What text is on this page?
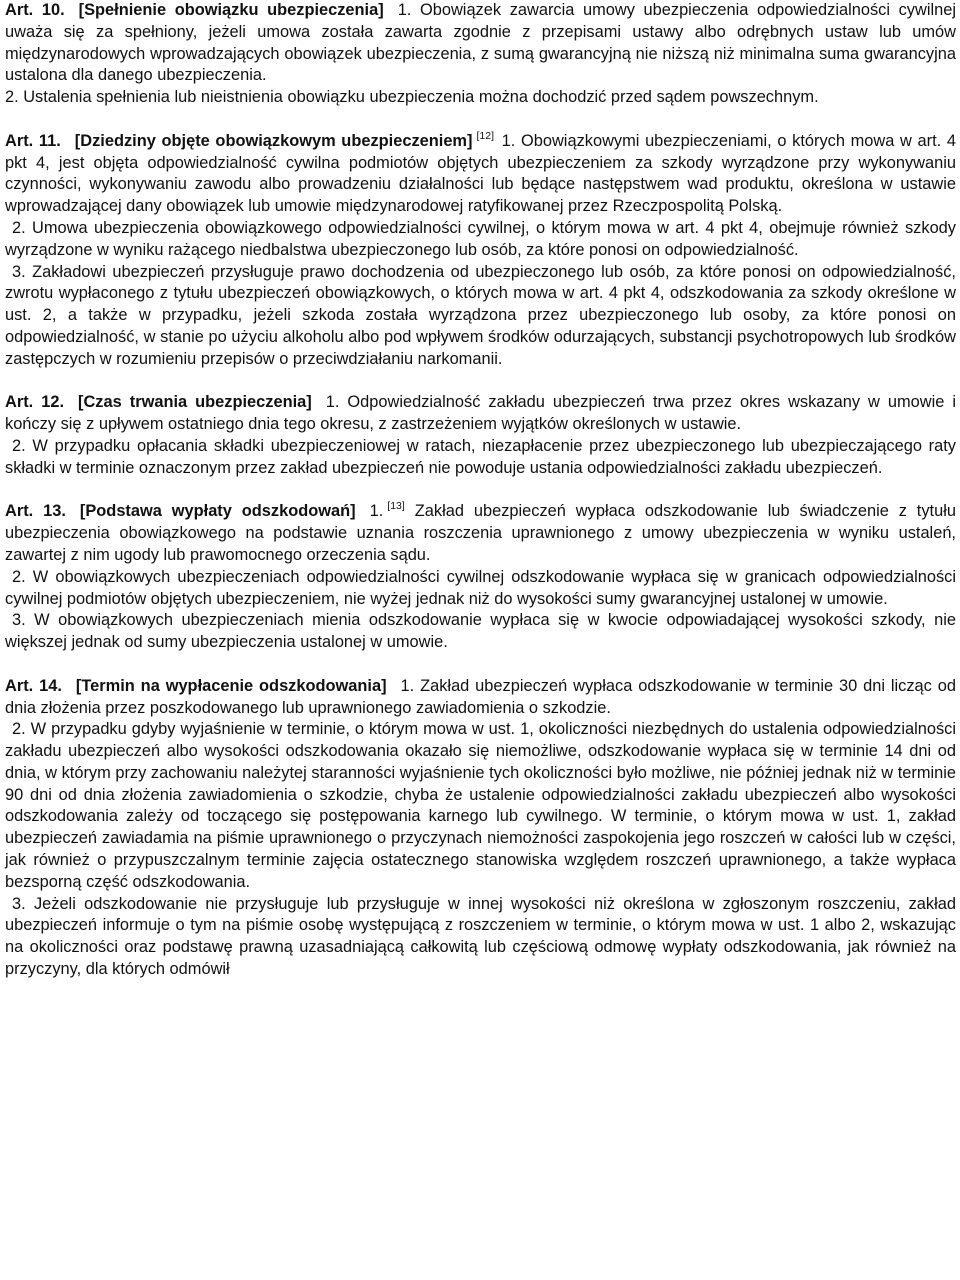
Art. 10. [Spełnienie obowiązku ubezpieczenia] 1. Obowiązek zawarcia umowy ubezpieczenia odpowiedzialności cywilnej uważa się za spełniony, jeżeli umowa została zawarta zgodnie z przepisami ustawy albo odrębnych ustaw lub umów międzynarodowych wprowadzających obowiązek ubezpieczenia, z sumą gwarancyjną nie niższą niż minimalna suma gwarancyjna ustalona dla danego ubezpieczenia.

2. Ustalenia spełnienia lub nieistnienia obowiązku ubezpieczenia można dochodzić przed sądem powszechnym.

Art. 11. [Dziedziny objęte obowiązkowym ubezpieczeniem] [12] 1. Obowiązkowymi ubezpieczeniami, o których mowa w art. 4 pkt 4, jest objęta odpowiedzialność cywilna podmiotów objętych ubezpieczeniem za szkody wyrządzone przy wykonywaniu czynności, wykonywaniu zawodu albo prowadzeniu działalności lub będące następstwem wad produktu, określona w ustawie wprowadzającej dany obowiązek lub umowie międzynarodowej ratyfikowanej przez Rzeczpospolitą Polską.

2. Umowa ubezpieczenia obowiązkowego odpowiedzialności cywilnej, o którym mowa w art. 4 pkt 4, obejmuje również szkody wyrządzone w wyniku rażącego niedbalstwa ubezpieczonego lub osób, za które ponosi on odpowiedzialność.

3. Zakładowi ubezpieczeń przysługuje prawo dochodzenia od ubezpieczonego lub osób, za które ponosi on odpowiedzialność, zwrotu wypłaconego z tytułu ubezpieczeń obowiązkowych, o których mowa w art. 4 pkt 4, odszkodowania za szkody określone w ust. 2, a także w przypadku, jeżeli szkoda została wyrządzona przez ubezpieczonego lub osoby, za które ponosi on odpowiedzialność, w stanie po użyciu alkoholu albo pod wpływem środków odurzających, substancji psychotropowych lub środków zastępczych w rozumieniu przepisów o przeciwdziałaniu narkomanii.

Art. 12. [Czas trwania ubezpieczenia] 1. Odpowiedzialność zakładu ubezpieczeń trwa przez okres wskazany w umowie i kończy się z upływem ostatniego dnia tego okresu, z zastrzeżeniem wyjątków określonych w ustawie.

2. W przypadku opłacania składki ubezpieczeniowej w ratach, niezapłacenie przez ubezpieczonego lub ubezpieczającego raty składki w terminie oznaczonym przez zakład ubezpieczeń nie powoduje ustania odpowiedzialności zakładu ubezpieczeń.

Art. 13. [Podstawa wypłaty odszkodowań] 1. [13] Zakład ubezpieczeń wypłaca odszkodowanie lub świadczenie z tytułu ubezpieczenia obowiązkowego na podstawie uznania roszczenia uprawnionego z umowy ubezpieczenia w wyniku ustaleń, zawartej z nim ugody lub prawomocnego orzeczenia sądu.

2. W obowiązkowych ubezpieczeniach odpowiedzialności cywilnej odszkodowanie wypłaca się w granicach odpowiedzialności cywilnej podmiotów objętych ubezpieczeniem, nie wyżej jednak niż do wysokości sumy gwarancyjnej ustalonej w umowie.

3. W obowiązkowych ubezpieczeniach mienia odszkodowanie wypłaca się w kwocie odpowiadającej wysokości szkody, nie większej jednak od sumy ubezpieczenia ustalonej w umowie.

Art. 14. [Termin na wypłacenie odszkodowania] 1. Zakład ubezpieczeń wypłaca odszkodowanie w terminie 30 dni licząc od dnia złożenia przez poszkodowanego lub uprawnionego zawiadomienia o szkodzie.

2. W przypadku gdyby wyjaśnienie w terminie, o którym mowa w ust. 1, okoliczności niezbędnych do ustalenia odpowiedzialności zakładu ubezpieczeń albo wysokości odszkodowania okazało się niemożliwe, odszkodowanie wypłaca się w terminie 14 dni od dnia, w którym przy zachowaniu należytej staranności wyjaśnienie tych okoliczności było możliwe, nie później jednak niż w terminie 90 dni od dnia złożenia zawiadomienia o szkodzie, chyba że ustalenie odpowiedzialności zakładu ubezpieczeń albo wysokości odszkodowania zależy od toczącego się postępowania karnego lub cywilnego. W terminie, o którym mowa w ust. 1, zakład ubezpieczeń zawiadamia na piśmie uprawnionego o przyczynach niemożności zaspokojenia jego roszczeń w całości lub w części, jak również o przypuszczalnym terminie zajęcia ostatecznego stanowiska względem roszczeń uprawnionego, a także wypłaca bezsporną część odszkodowania.

3. Jeżeli odszkodowanie nie przysługuje lub przysługuje w innej wysokości niż określona w zgłoszonym roszczeniu, zakład ubezpieczeń informuje o tym na piśmie osobę występującą z roszczeniem w terminie, o którym mowa w ust. 1 albo 2, wskazując na okoliczności oraz podstawę prawną uzasadniającą całkowitą lub częściową odmowę wypłaty odszkodowania, jak również na przyczyny, dla których odmówił
